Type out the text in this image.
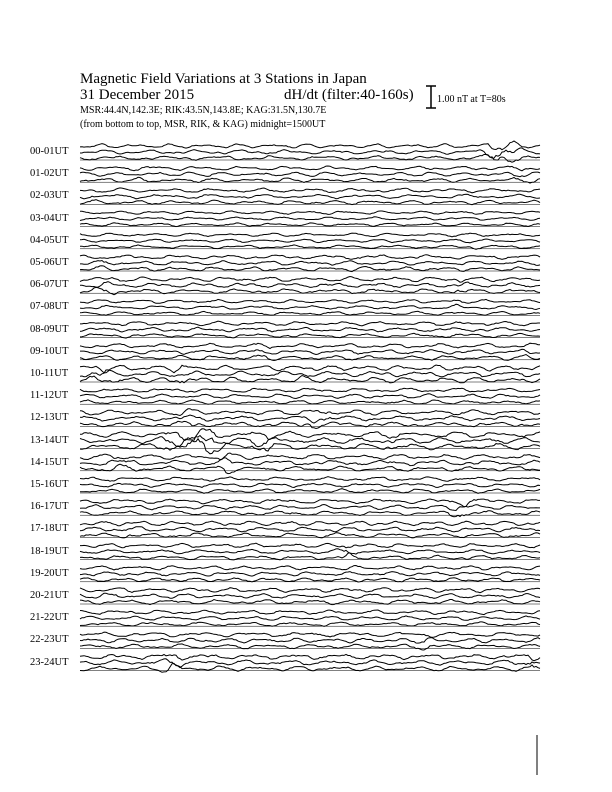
Magnetic Field Variations at 3 Stations in Japan
31 December 2015	dH/dt (filter:40-160s)
MSR:44.4N,142.3E; RIK:43.5N,143.8E; KAG:31.5N,130.7E
(from bottom to top, MSR, RIK, & KAG) midnight=1500UT
1.00 nT at T=80s
00-01UT
01-02UT
02-03UT
03-04UT
04-05UT
05-06UT
06-07UT
07-08UT
08-09UT
09-10UT
10-11UT
11-12UT
12-13UT
13-14UT
14-15UT
15-16UT
16-17UT
17-18UT
18-19UT
19-20UT
20-21UT
21-22UT
22-23UT
23-24UT
